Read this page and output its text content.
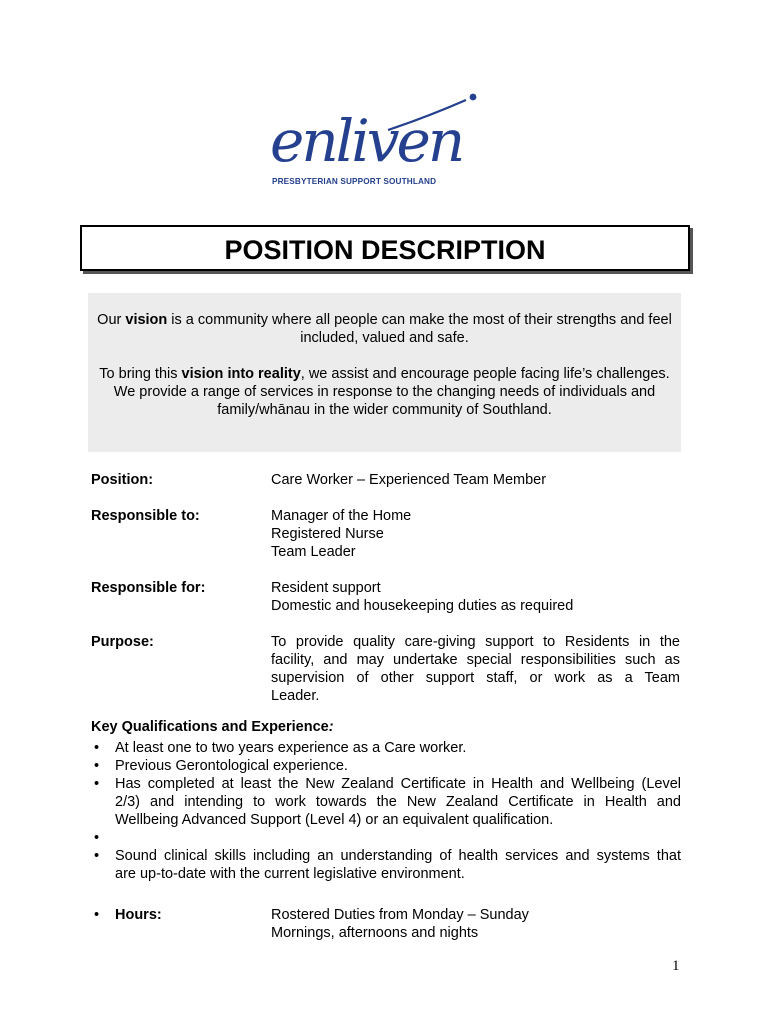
enliven
PRESBYTERIAN SUPPORT SOUTHLAND
POSITION DESCRIPTION

Our vision is a community where all people can make the most of their strengths and feel included, valued and safe.

To bring this vision into reality, we assist and encourage people facing life’s challenges. We provide a range of services in response to the changing needs of individuals and family/whānau in the wider community of Southland.

Position:	Care Worker – Experienced Team Member
Responsible to:	Manager of the Home
Registered Nurse
Team Leader
Responsible for:	Resident support
Domestic and housekeeping duties as required
Purpose:	To provide quality care-giving support to Residents in the
facility, and may undertake special responsibilities such as
supervision of other support staff, or work as a Team
Leader.
Key Qualifications and Experience:
• At least one to two years experience as a Care worker.
• Previous Gerontological experience.
• Has completed at least the New Zealand Certificate in Health and Wellbeing (Level
2/3) and intending to work towards the New Zealand Certificate in Health and
Wellbeing Advanced Support (Level 4) or an equivalent qualification.
•
• Sound clinical skills including an understanding of health services and systems that
are up-to-date with the current legislative environment.
• Hours:	Rostered Duties from Monday – Sunday
Mornings, afternoons and nights
1
